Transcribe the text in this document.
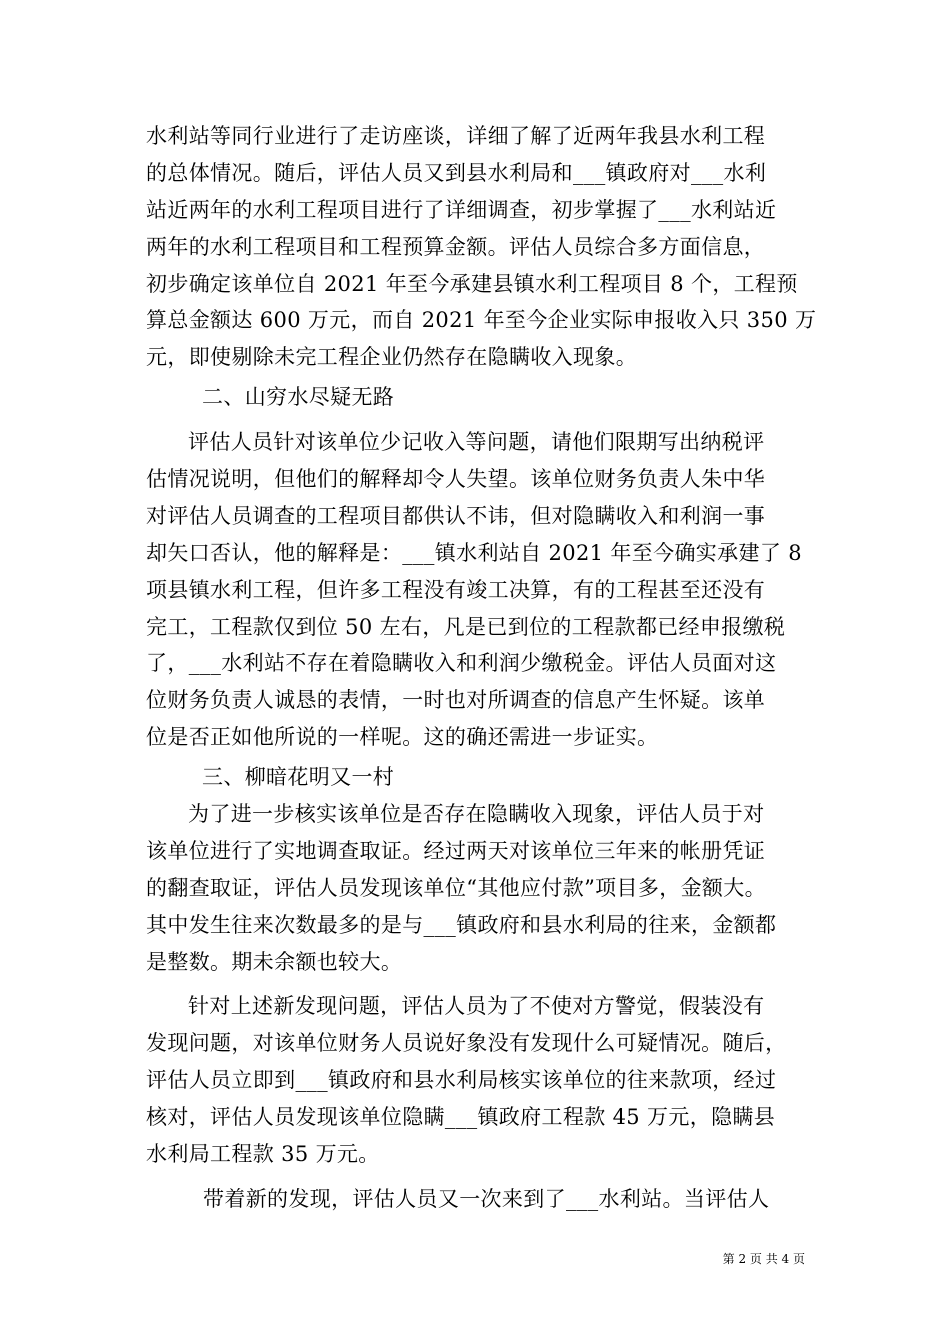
水利站等同行业进行了走访座谈，详细了解了近两年我县水利工程
的总体情况。随后，评估人员又到县水利局和___镇政府对___水利
站近两年的水利工程项目进行了详细调查，初步掌握了___水利站近
两年的水利工程项目和工程预算金额。评估人员综合多方面信息，
初步确定该单位自 2021 年至今承建县镇水利工程项目 8 个，工程预
算总金额达 600 万元，而自 2021 年至今企业实际申报收入只 350 万
元，即使剔除未完工程企业仍然存在隐瞒收入现象。
二、山穷水尽疑无路
评估人员针对该单位少记收入等问题，请他们限期写出纳税评
估情况说明，但他们的解释却令人失望。该单位财务负责人朱中华
对评估人员调查的工程项目都供认不讳，但对隐瞒收入和利润一事
却矢口否认，他的解释是：___镇水利站自 2021 年至今确实承建了 8
项县镇水利工程，但许多工程没有竣工决算，有的工程甚至还没有
完工，工程款仅到位 50 左右，凡是已到位的工程款都已经申报缴税
了，___水利站不存在着隐瞒收入和利润少缴税金。评估人员面对这
位财务负责人诚恳的表情，一时也对所调查的信息产生怀疑。该单
位是否正如他所说的一样呢。这的确还需进一步证实。
三、柳暗花明又一村
为了进一步核实该单位是否存在隐瞒收入现象，评估人员于对
该单位进行了实地调查取证。经过两天对该单位三年来的帐册凭证
的翻查取证，评估人员发现该单位“其他应付款”项目多，金额大。
其中发生往来次数最多的是与___镇政府和县水利局的往来，金额都
是整数。期未余额也较大。
针对上述新发现问题，评估人员为了不使对方警觉，假装没有
发现问题，对该单位财务人员说好象没有发现什么可疑情况。随后，
评估人员立即到___镇政府和县水利局核实该单位的往来款项，经过
核对，评估人员发现该单位隐瞒___镇政府工程款 45 万元，隐瞒县
水利局工程款 35 万元。
带着新的发现，评估人员又一次来到了___水利站。当评估人
第 2 页 共 4 页
